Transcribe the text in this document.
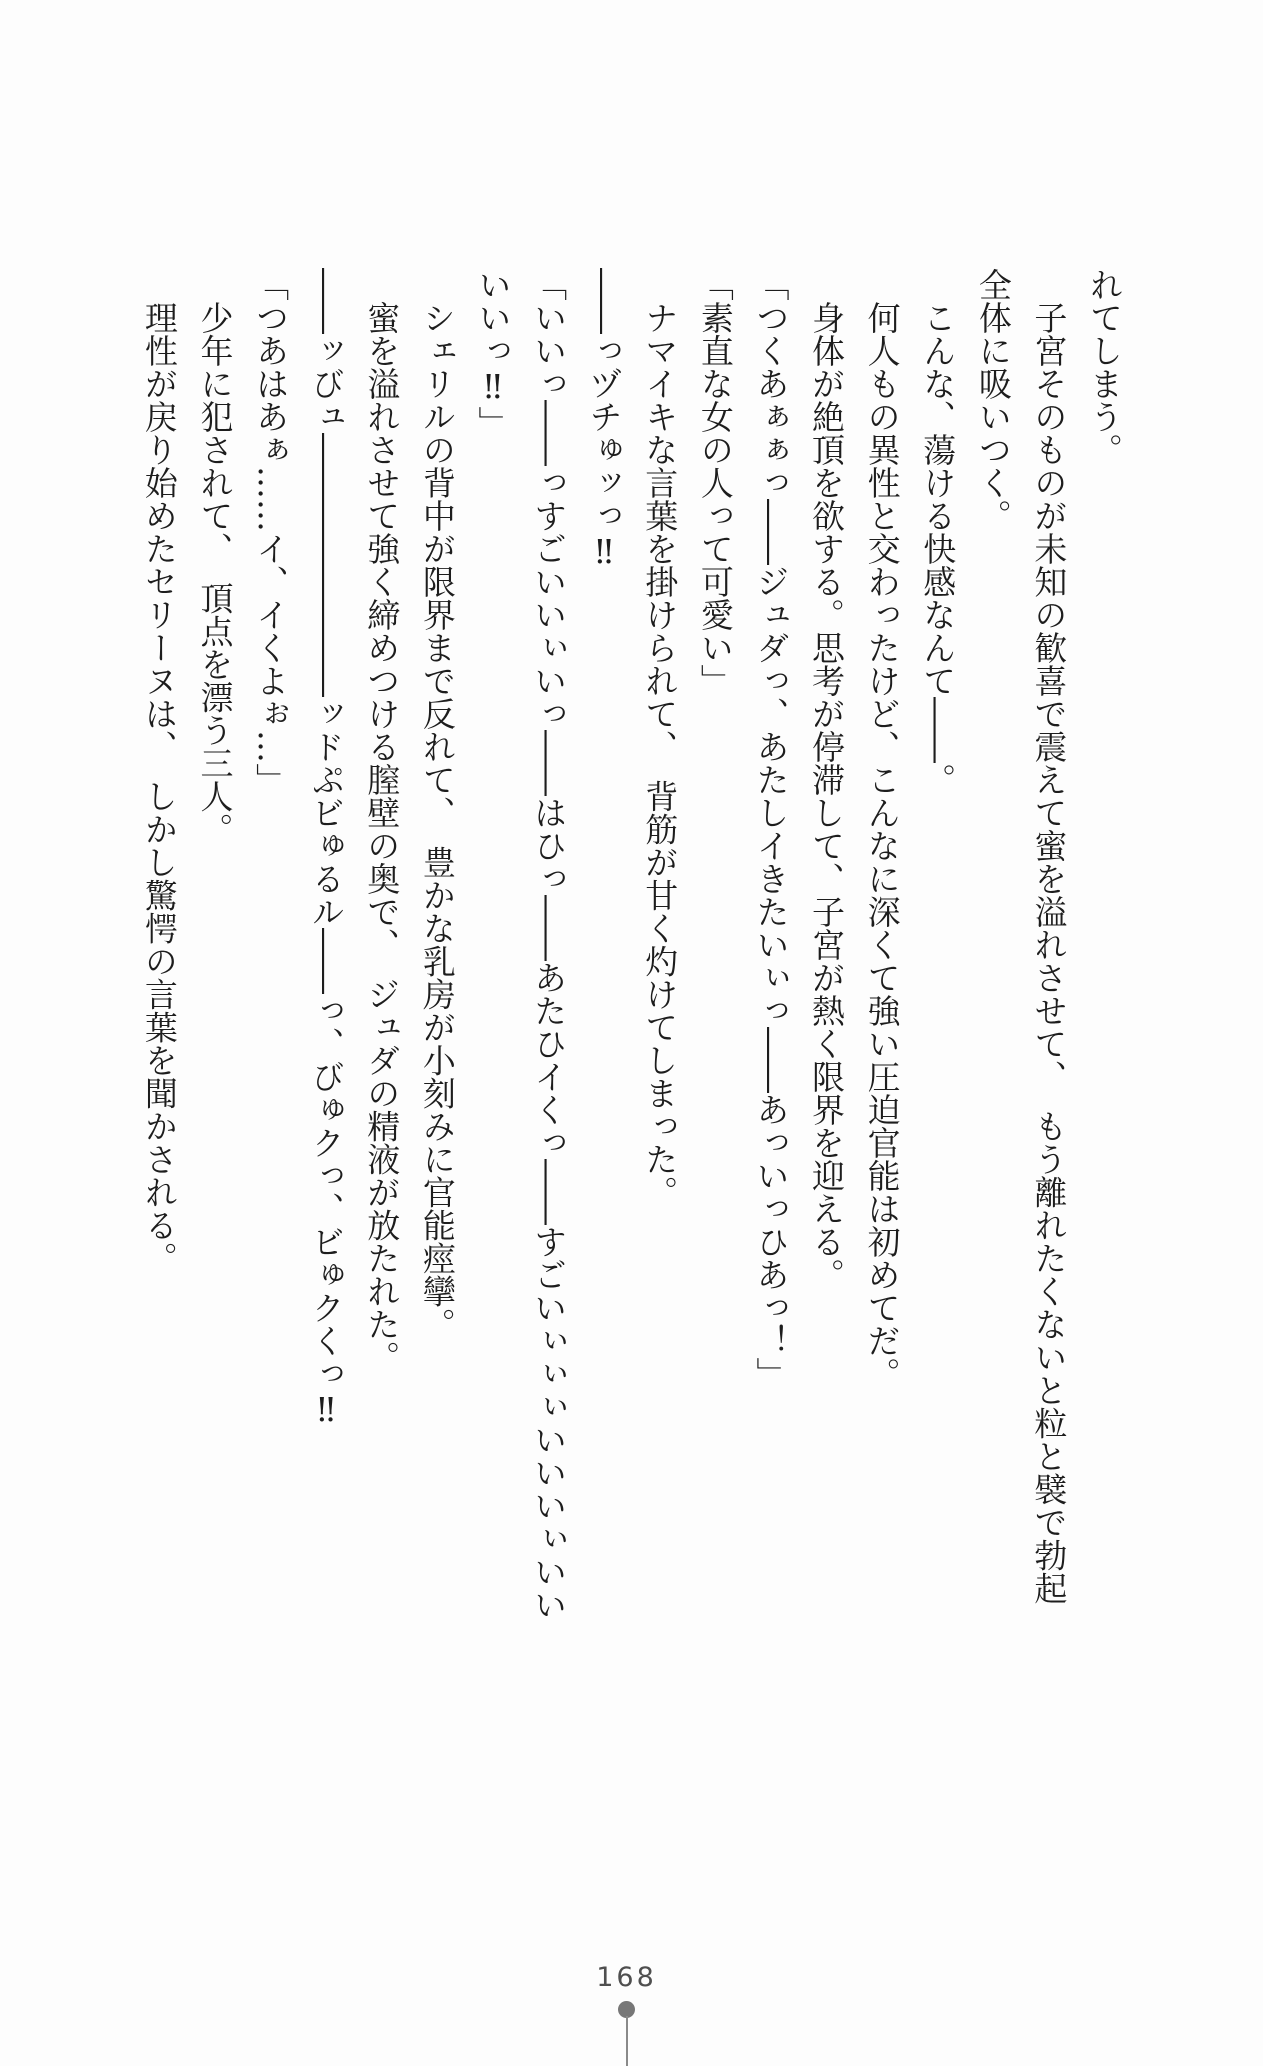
れてしまう。
　子宮そのものが未知の歓喜で震えて蜜を溢れさせて、　もう離れたくないと粒と襞で勃起
全体に吸いつく。
　こんな、蕩ける快感なんて――。
　何人もの異性と交わったけど、こんなに深くて強い圧迫官能は初めてだ。
　身体が絶頂を欲する。思考が停滞して、子宮が熱く限界を迎える。
「つくあぁぁっ――ジュダっ、あたしイきたいぃっ――あっいっひあっ！」
「素直な女の人って可愛い」
　ナマイキな言葉を掛けられて、　背筋が甘く灼けてしまった。
――っヅチゅッっ‼
「いいっ――っすごいいぃいっ――はひっ――あたひイくっ――すごいぃぃぃいいいぃいい
いいっ‼」
　シェリルの背中が限界まで反れて、　豊かな乳房が小刻みに官能痙攣。
　蜜を溢れさせて強く締めつける膣壁の奥で、　ジュダの精液が放たれた。
――ッびュ――――――――ッドぷビゅるル――っ、びゅクっ、ビゅクくっ‼
「つあはあぁ……イ、イくよぉ…」
　少年に犯されて、　頂点を漂う三人。
　理性が戻り始めたセリーヌは、　しかし驚愕の言葉を聞かされる。
168
